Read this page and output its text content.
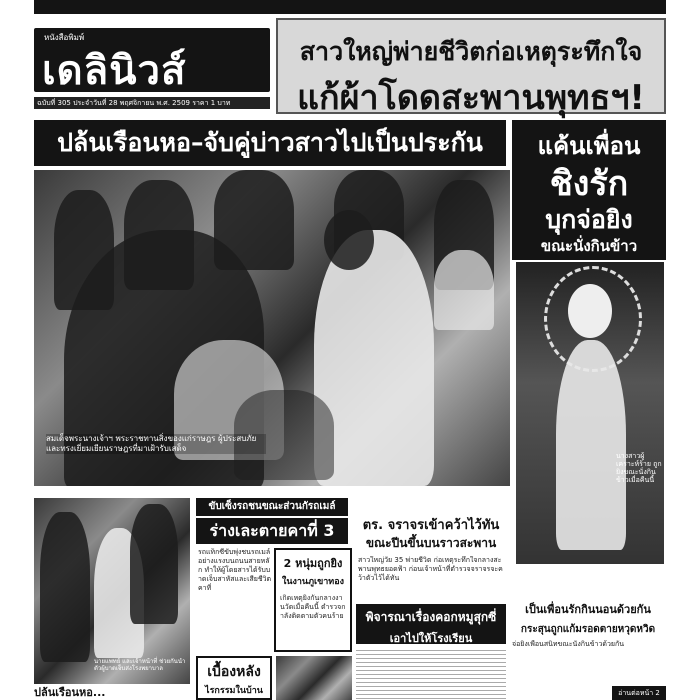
หนังสือพิมพ์
เดลินิวส์
ฉบับที่ 305 ประจำวันที่ 28 พฤศจิกายน พ.ศ. 2509 ราคา 1 บาท
สาวใหญ่พ่ายชีวิตก่อเหตุระทึกใจ
แก้ผ้าโดดสะพานพุทธฯ!
ปล้นเรือนหอ–จับคู่บ่าวสาวไปเป็นประกัน
สมเด็จพระนางเจ้าฯ พระราชทานสิ่งของแก่ราษฎร ผู้ประสบภัย และทรงเยี่ยมเยียนราษฎรที่มาเฝ้ารับเสด็จ
แค้นเพื่อน
ชิงรัก
บุกจ่อยิง
ขณะนั่งกินข้าว
นางสาวผู้เคราะห์ร้าย ถูกยิงขณะนั่งกินข้าวเมื่อคืนนี้
ขับเซ็งรถชนขณะส่วนกัรถเมล์
ร่างเละตายคาที่ 3 คน
รถแท็กซี่ขับพุ่งชนรถเมล์อย่างแรงบนถนนสายหลัก ทำให้ผู้โดยสารได้รับบาดเจ็บสาหัสและเสียชีวิตคาที่
2 หนุ่มถูกยิง
ในงานภูเขาทอง
เกิดเหตุยิงกันกลางงานวัดเมื่อคืนนี้ ตำรวจกำลังติดตามตัวคนร้าย
ตร. จราจรเข้าคว้าไว้ทัน
ขณะปีนขึ้นบนราวสะพาน
สาวใหญ่วัย 35 พ่ายชีวิต ก่อเหตุระทึกใจกลางสะพานพุทธยอดฟ้า ก่อนเจ้าหน้าที่ตำรวจจราจรจะคว้าตัวไว้ได้ทัน
พิจารณาเรื่องคอกหมูสุกซี่
เอาไปให้โรงเรียน
นายแพทย์ และเจ้าหน้าที่ ช่วยกันนำตัวผู้บาดเจ็บส่งโรงพยาบาล	เบื้องหลัง
ไรกรรมในบ้าน
เป็นเพื่อนรักกินนอนด้วยกัน
กระสุนถูกแก้มรอดตายหวุดหวิด
จ่อยิงเพื่อนสนิทขณะนั่งกินข้าวด้วยกัน
อ่านต่อหน้า 2
ปล้นเรือนหอ...
